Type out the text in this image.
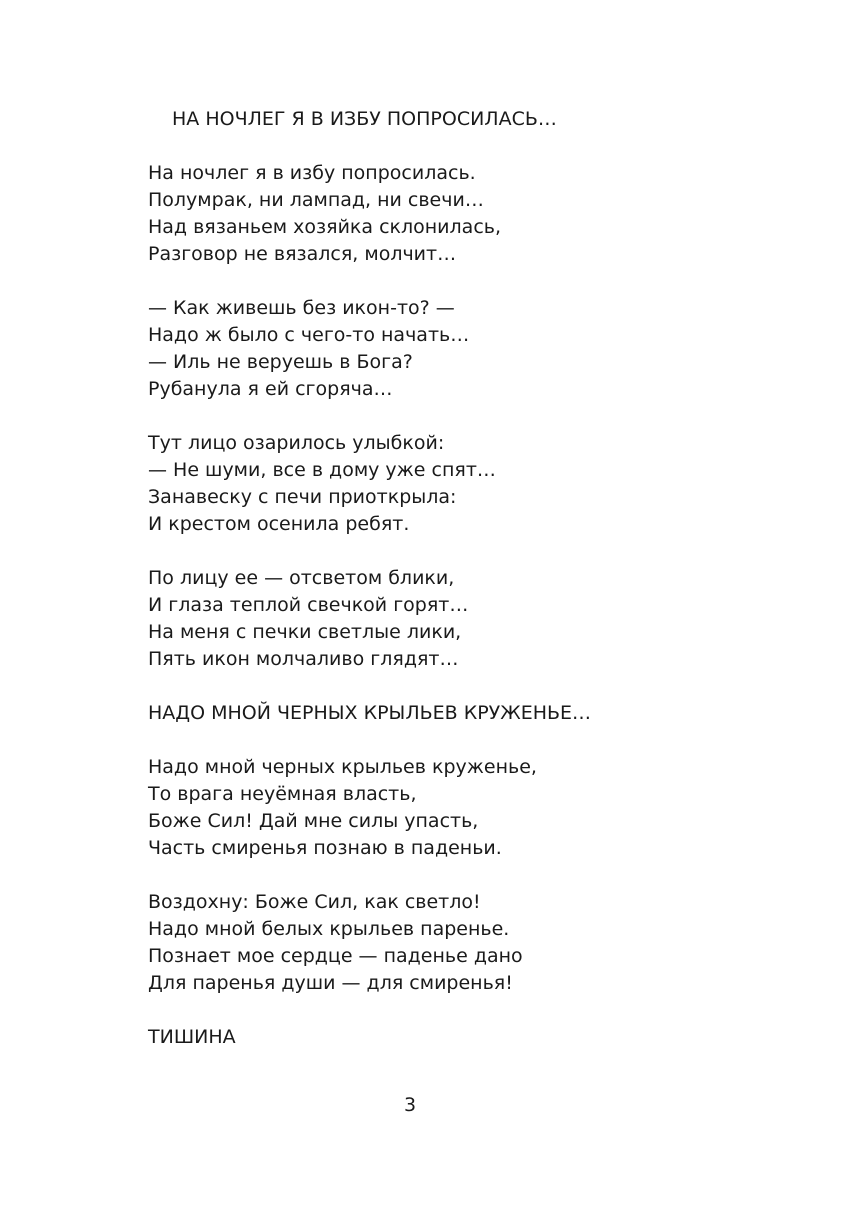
НА НОЧЛЕГ Я В ИЗБУ ПОПРОСИЛАСЬ…
На ночлег я в избу попросилась.
Полумрак, ни лампад, ни свечи…
Над вязаньем хозяйка склонилась,
Разговор не вязался, молчит…
— Как живешь без икон-то? —
Надо ж было с чего-то начать…
— Иль не веруешь в Бога?
Рубанула я ей сгоряча…
Тут лицо озарилось улыбкой:
— Не шуми, все в дому уже спят…
Занавеску с печи приоткрыла:
И крестом осенила ребят.
По лицу ее — отсветом блики,
И глаза теплой свечкой горят…
На меня с печки светлые лики,
Пять икон молчаливо глядят…
НАДО МНОЙ ЧЕРНЫХ КРЫЛЬЕВ КРУЖЕНЬЕ…
Надо мной черных крыльев круженье,
То врага неуёмная власть,
Боже Сил! Дай мне силы упасть,
Часть смиренья познаю в паденьи.
Воздохну: Боже Сил, как светло!
Надо мной белых крыльев паренье.
Познает мое сердце — паденье дано
Для паренья души — для смиренья!
ТИШИНА
3
